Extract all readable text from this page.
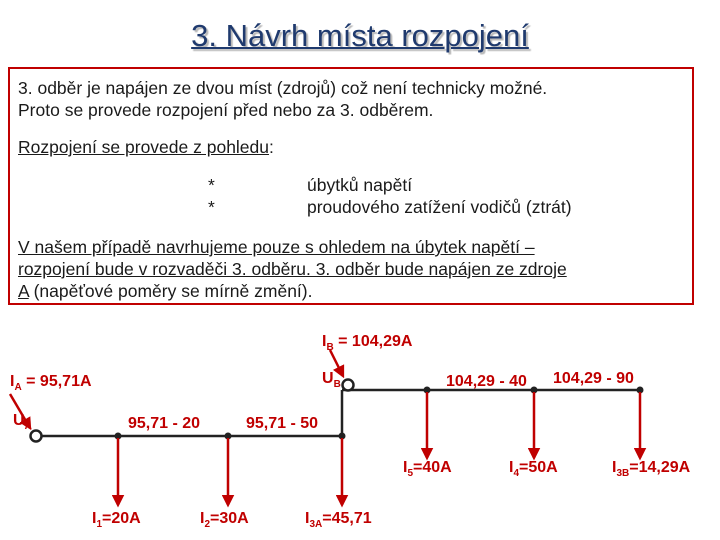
3. Návrh místa rozpojení
3. odběr je napájen ze dvou míst (zdrojů) což není technicky možné.
Proto se provede rozpojení před nebo za 3. odběrem.
Rozpojení se provede z pohledu:
*	úbytků napětí
*	proudového zatížení vodičů (ztrát)
V našem případě navrhujeme pouze s ohledem na úbytek napětí –
rozpojení bude v rozvaděči 3. odběru. 3. odběr bude napájen ze zdroje
A (napěťové poměry se mírně změní).
$I_B = 104,29A$
$I_A = 95,71A$	$U_B$
$U_A$	95,71 - 20	95,71 - 50
104,29 - 40 104,29 - 90
$I_1=20A$	$I_2=30A$	$I_{3A}=45,71$
$I_5=40A$	$I_4=50A$	$I_{3B}=14,29A$
